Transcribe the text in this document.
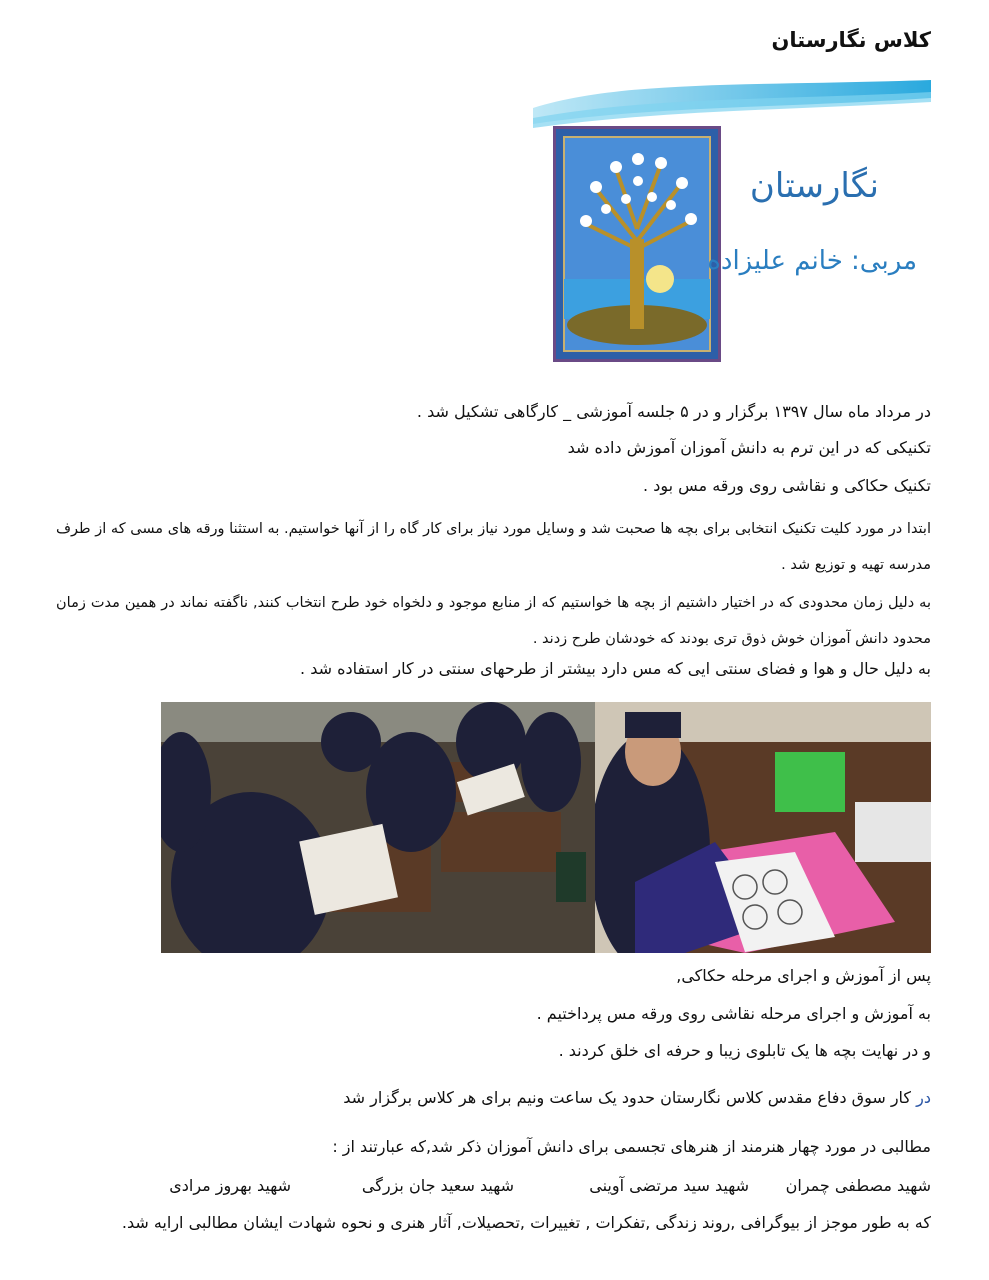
کلاس نگارستان
نگارستان
مربی: خانم علیزاده
در مرداد ماه سال ۱۳۹۷ برگزار و در ۵ جلسه آموزشی _ کارگاهی تشکیل شد .
تکنیکی که در این ترم به دانش آموزان آموزش داده شد
تکنیک حکاکی و نقاشی روی ورقه مس بود .
ابتدا در مورد کلیت تکنیک انتخابی برای بچه ها صحبت شد و وسایل مورد نیاز برای کار گاه را از آنها خواستیم. به استثنا ورقه های مسی که از طرف مدرسه تهیه و توزیع شد .
به دلیل زمان محدودی که در اختیار داشتیم از بچه ها خواستیم که از منابع موجود و دلخواه خود طرح انتخاب کنند, ناگفته نماند در همین مدت زمان محدود دانش آموزان خوش ذوق تری بودند که خودشان طرح زدند .
به دلیل حال و هوا و فضای سنتی ایی که مس دارد بیشتر از طرحهای سنتی در کار استفاده شد .
پس از آموزش و اجرای مرحله حکاکی,
به آموزش و اجرای مرحله نقاشی روی ورقه مس پرداختیم .
و در نهایت بچه ها یک تابلوی زیبا و حرفه ای خلق کردند .
در کار سوق دفاع مقدس کلاس نگارستان حدود یک ساعت ونیم برای هر کلاس برگزار شد
مطالبی در مورد چهار هنرمند از هنرهای تجسمی برای دانش آموزان ذکر شد,که عبارتند از :
شهید مصطفی چمران
شهید سید مرتضی آوینی
شهید سعید جان بزرگی
شهید بهروز مرادی
که به طور موجز از بیوگرافی ,روند زندگی ,تفکرات , تغییرات ,تحصیلات, آثار هنری و نحوه شهادت ایشان مطالبی ارایه شد.
